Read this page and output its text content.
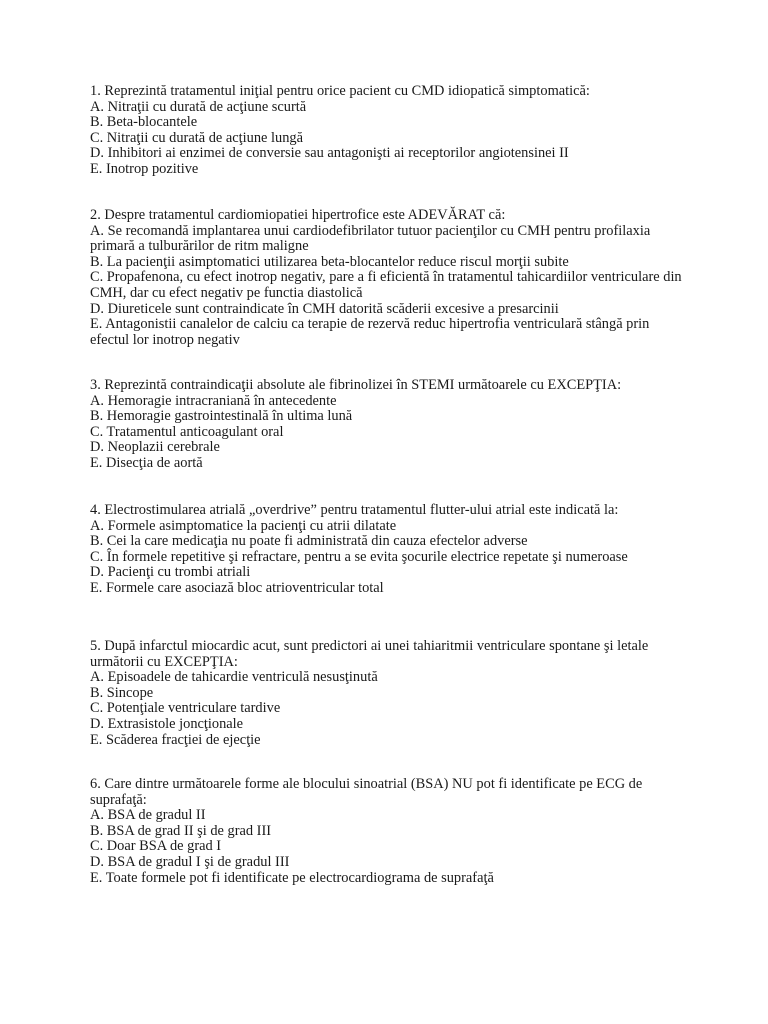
1. Reprezintă tratamentul iniţial pentru orice pacient cu CMD idiopatică simptomatică:
A. Nitraţii cu durată de acţiune scurtă
B. Beta-blocantele
C. Nitraţii cu durată de acţiune lungă
D. Inhibitori ai enzimei de conversie sau antagonişti ai receptorilor angiotensinei II
E. Inotrop pozitive
2. Despre tratamentul cardiomiopatiei hipertrofice este ADEVĂRAT că:
A. Se recomandă implantarea unui cardiodefibrilator tutuor pacienţilor cu CMH pentru profilaxia primară a tulburărilor de ritm maligne
B. La pacienţii asimptomatici utilizarea beta-blocantelor reduce riscul morţii subite
C. Propafenona, cu efect inotrop negativ, pare a fi eficientă în tratamentul tahicardiilor ventriculare din CMH, dar cu efect negativ pe functia diastolică
D. Diureticele sunt contraindicate în CMH datorită scăderii excesive a presarcinii
E. Antagonistii canalelor de calciu ca terapie de rezervă reduc hipertrofia ventriculară stângă prin efectul lor inotrop negativ
3. Reprezintă contraindicaţii absolute ale fibrinolizei în STEMI următoarele cu EXCEPŢIA:
A. Hemoragie intracraniană în antecedente
B. Hemoragie gastrointestinală în ultima lună
C. Tratamentul anticoagulant oral
D. Neoplazii cerebrale
E. Disecţia de aortă
4. Electrostimularea atrială „overdrive” pentru tratamentul flutter-ului atrial este indicată la:
A. Formele asimptomatice la pacienţi cu atrii dilatate
B. Cei la care medicaţia nu poate fi administrată din cauza efectelor adverse
C. În formele repetitive şi refractare, pentru a se evita şocurile electrice repetate şi numeroase
D. Pacienţi cu trombi atriali
E. Formele care asociază bloc atrioventricular total
5. După infarctul miocardic acut, sunt predictori ai unei tahiaritmii ventriculare spontane şi letale următorii cu EXCEPŢIA:
A. Episoadele de tahicardie ventriculă nesusţinută
B. Sincope
C. Potenţiale ventriculare tardive
D. Extrasistole joncţionale
E. Scăderea fracţiei de ejecţie
6. Care dintre următoarele forme ale blocului sinoatrial (BSA) NU pot fi identificate pe ECG de suprafaţă:
A. BSA de gradul II
B. BSA de grad II şi de grad III
C. Doar BSA de grad I
D. BSA de gradul I şi de gradul III
E. Toate formele pot fi identificate pe electrocardiograma de suprafaţă
